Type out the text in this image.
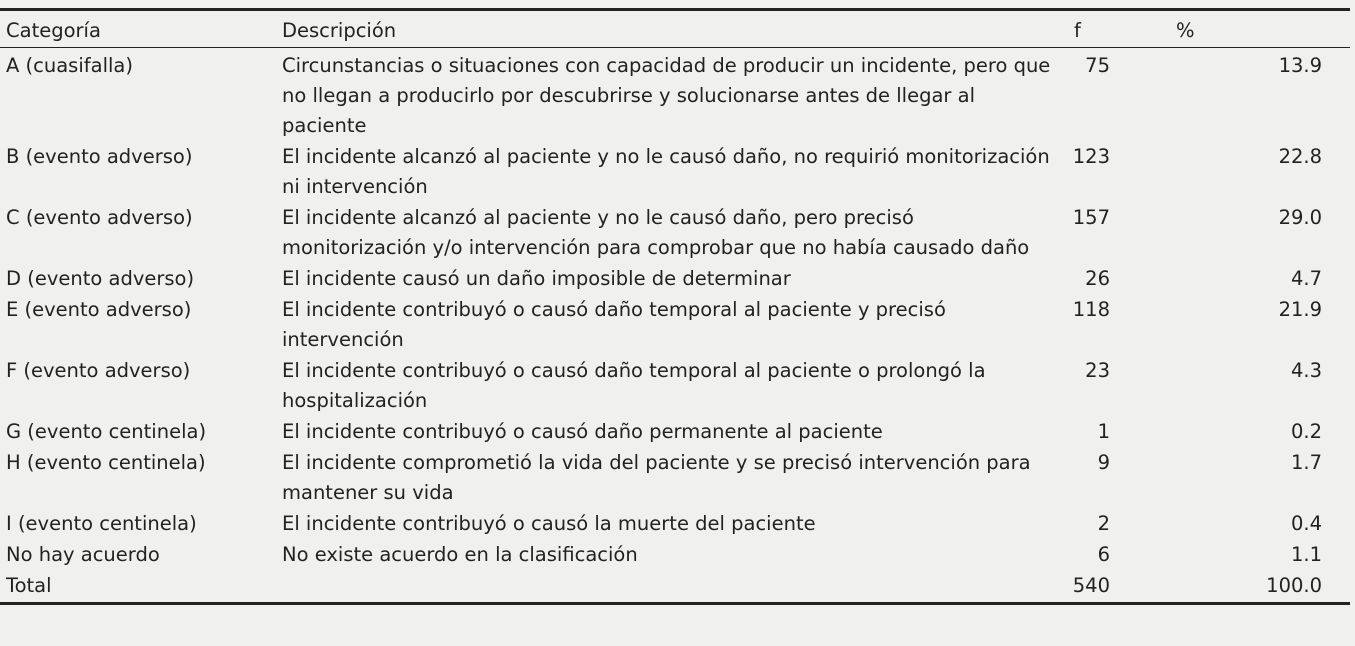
Categoría	Descripción	f	%
A (cuasifalla)	Circunstancias o situaciones con capacidad de producir un incidente, pero que no llegan a producirlo por descubrirse y solucionarse antes de llegar al paciente	75	13.9
B (evento adverso)	El incidente alcanzó al paciente y no le causó daño, no requirió monitorización ni intervención	123	22.8
C (evento adverso)	El incidente alcanzó al paciente y no le causó daño, pero precisó monitorización y/o intervención para comprobar que no había causado daño	157	29.0
D (evento adverso)	El incidente causó un daño imposible de determinar	26	4.7
E (evento adverso)	El incidente contribuyó o causó daño temporal al paciente y precisó intervención	118	21.9
F (evento adverso)	El incidente contribuyó o causó daño temporal al paciente o prolongó la hospitalización	23	4.3
G (evento centinela)	El incidente contribuyó o causó daño permanente al paciente	1	0.2
H (evento centinela)	El incidente comprometió la vida del paciente y se precisó intervención para mantener su vida	9	1.7
I (evento centinela)	El incidente contribuyó o causó la muerte del paciente	2	0.4
No hay acuerdo	No existe acuerdo en la clasificación	6	1.1
Total		540	100.0
